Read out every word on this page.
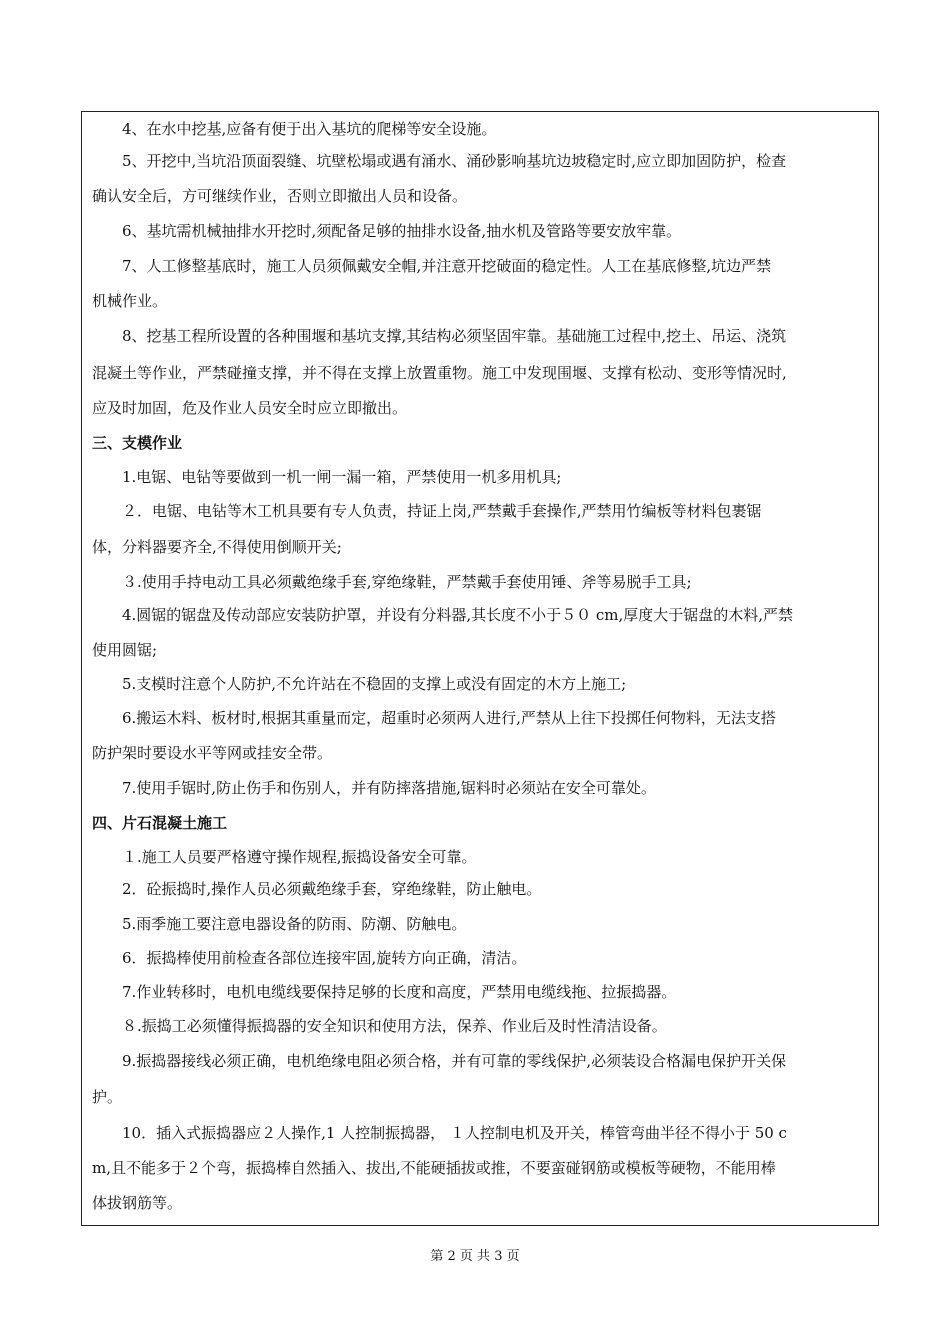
4、在水中挖基,应备有便于出入基坑的爬梯等安全设施。
5、开挖中,当坑沿顶面裂缝、坑壁松塌或遇有涌水、涌砂影响基坑边坡稳定时,应立即加固防护，检查
确认安全后，方可继续作业，否则立即撤出人员和设备。
6、基坑需机械抽排水开挖时,须配备足够的抽排水设备,抽水机及管路等要安放牢靠。
7、人工修整基底时，施工人员须佩戴安全帽,并注意开挖破面的稳定性。人工在基底修整,坑边严禁
机械作业。
8、挖基工程所设置的各种围堰和基坑支撑,其结构必须坚固牢靠。基础施工过程中,挖土、吊运、浇筑
混凝土等作业，严禁碰撞支撑，并不得在支撑上放置重物。施工中发现围堰、支撑有松动、变形等情况时,
应及时加固，危及作业人员安全时应立即撤出。
三、支模作业
1.电锯、电钻等要做到一机一闸一漏一箱，严禁使用一机多用机具;
２．电锯、电钻等木工机具要有专人负责，持证上岗,严禁戴手套操作,严禁用竹编板等材料包裹锯
体，分料器要齐全,不得使用倒顺开关;
３.使用手持电动工具必须戴绝缘手套,穿绝缘鞋，严禁戴手套使用锤、斧等易脱手工具;
4.圆锯的锯盘及传动部应安装防护罩，并设有分料器,其长度不小于５０ cm,厚度大于锯盘的木料,严禁
使用圆锯;
5.支模时注意个人防护,不允许站在不稳固的支撑上或没有固定的木方上施工;
6.搬运木料、板材时,根据其重量而定，超重时必须两人进行,严禁从上往下投掷任何物料，无法支搭
防护架时要设水平等网或挂安全带。
7.使用手锯时,防止伤手和伤别人，并有防摔落措施,锯料时必须站在安全可靠处。
四、片石混凝土施工
１.施工人员要严格遵守操作规程,振捣设备安全可靠。
2．砼振捣时,操作人员必须戴绝缘手套，穿绝缘鞋，防止触电。
5.雨季施工要注意电器设备的防雨、防潮、防触电。
6．振捣棒使用前检查各部位连接牢固,旋转方向正确，清洁。
7.作业转移时，电机电缆线要保持足够的长度和高度，严禁用电缆线拖、拉振捣器。
８.振捣工必须懂得振捣器的安全知识和使用方法，保养、作业后及时性清洁设备。
9.振捣器接线必须正确，电机绝缘电阻必须合格，并有可靠的零线保护,必须装设合格漏电保护开关保
护。
10．插入式振捣器应２人操作,1 人控制振捣器， １人控制电机及开关，棒管弯曲半径不得小于 50 c
m,且不能多于２个弯，振捣棒自然插入、拔出,不能硬插拔或推，不要蛮碰钢筋或模板等硬物，不能用棒
体拔钢筋等。
第 2 页 共 3 页
